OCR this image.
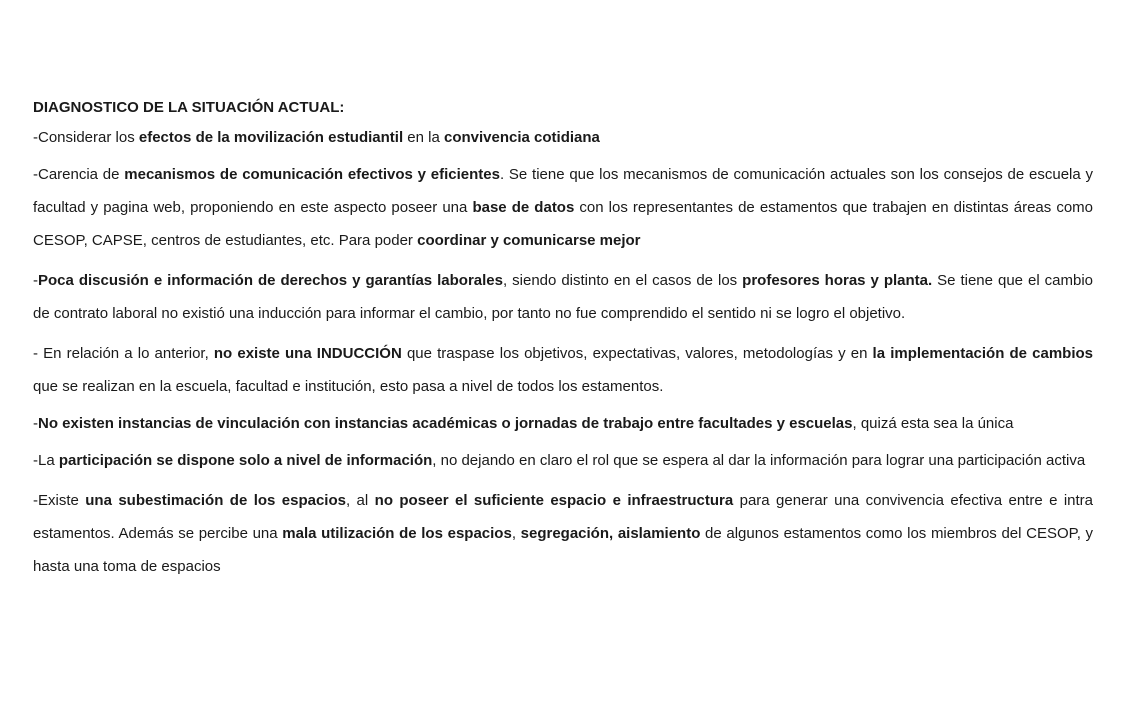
DIAGNOSTICO DE LA SITUACIÓN ACTUAL:

-Considerar los efectos de la movilización estudiantil en la convivencia cotidiana

-Carencia de mecanismos de comunicación efectivos y eficientes. Se tiene que los mecanismos de comunicación actuales son los consejos de escuela y facultad y pagina web, proponiendo en este aspecto poseer una base de datos con los representantes de estamentos que trabajen en distintas áreas como CESOP, CAPSE, centros de estudiantes, etc. Para poder coordinar y comunicarse mejor

-Poca discusión e información de derechos y garantías laborales, siendo distinto en el casos de los profesores horas y planta. Se tiene que el cambio de contrato laboral no existió una inducción para informar el cambio, por tanto no fue comprendido el sentido ni se logro el objetivo.

- En relación a lo anterior, no existe una INDUCCIÓN que traspase los objetivos, expectativas, valores, metodologías y en la implementación de cambios que se realizan en la escuela, facultad e institución, esto pasa a nivel de todos los estamentos.

-No existen instancias de vinculación con instancias académicas o jornadas de trabajo entre facultades y escuelas, quizá esta sea la única

-La participación se dispone solo a nivel de información, no dejando en claro el rol que se espera al dar la información para lograr una participación activa

-Existe una subestimación de los espacios, al no poseer el suficiente espacio e infraestructura para generar una convivencia efectiva entre e intra estamentos. Además se percibe una mala utilización de los espacios, segregación, aislamiento de algunos estamentos como los miembros del CESOP, y hasta una toma de espacios
